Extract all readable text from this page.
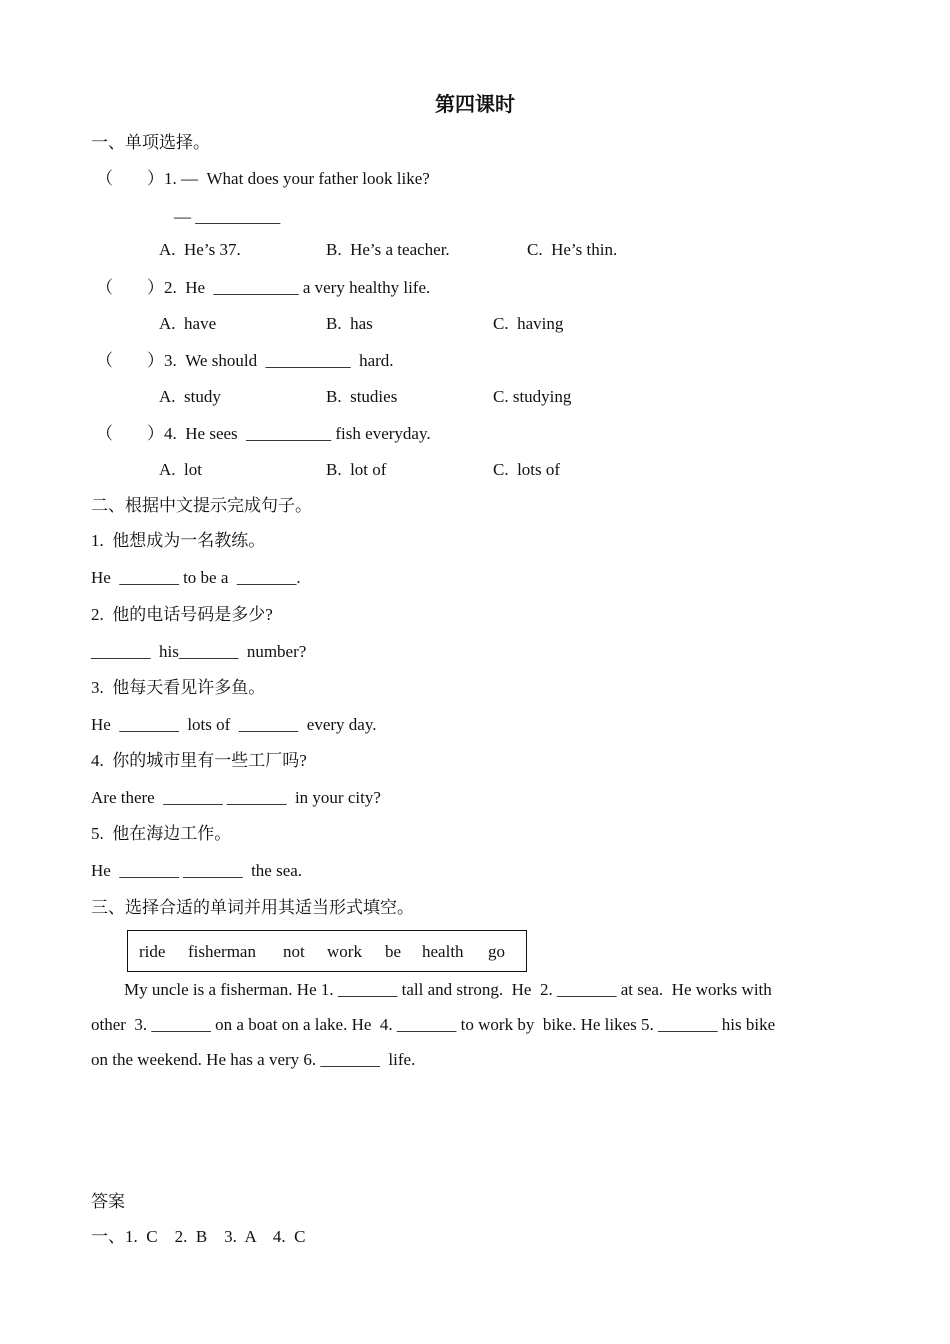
第四课时
一、单项选择。
（　　）1. —  What does your father look like?
— __________
A.  He’s 37.	B.  He’s a teacher.	C.  He’s thin.
（　　）2.  He  __________ a very healthy life.
A.  have	B.  has	C.  having
（　　）3.  We should  __________  hard.
A.  study	B.  studies	C. studying
（　　）4.  He sees  __________ fish everyday.
A.  lot	B.  lot of	C.  lots of
二、根据中文提示完成句子。
1.  他想成为一名教练。
He  _______ to be a  _______.
2.  他的电话号码是多少?
_______  his_______  number?
3.  他每天看见许多鱼。
He  _______  lots of  _______  every day.
4.  你的城市里有一些工厂吗?
Are there  _______ _______  in your city?
5.  他在海边工作。
He  _______ _______  the sea.
三、选择合适的单词并用其适当形式填空。
ride fisherman not work be health go
My uncle is a fisherman. He 1. _______ tall and strong.  He  2. _______ at sea.  He works with
other  3. _______ on a boat on a lake. He  4. _______ to work by  bike. He likes 5. _______ his bike
on the weekend. He has a very 6. _______  life.
答案
一、1.  C    2.  B    3.  A    4.  C
